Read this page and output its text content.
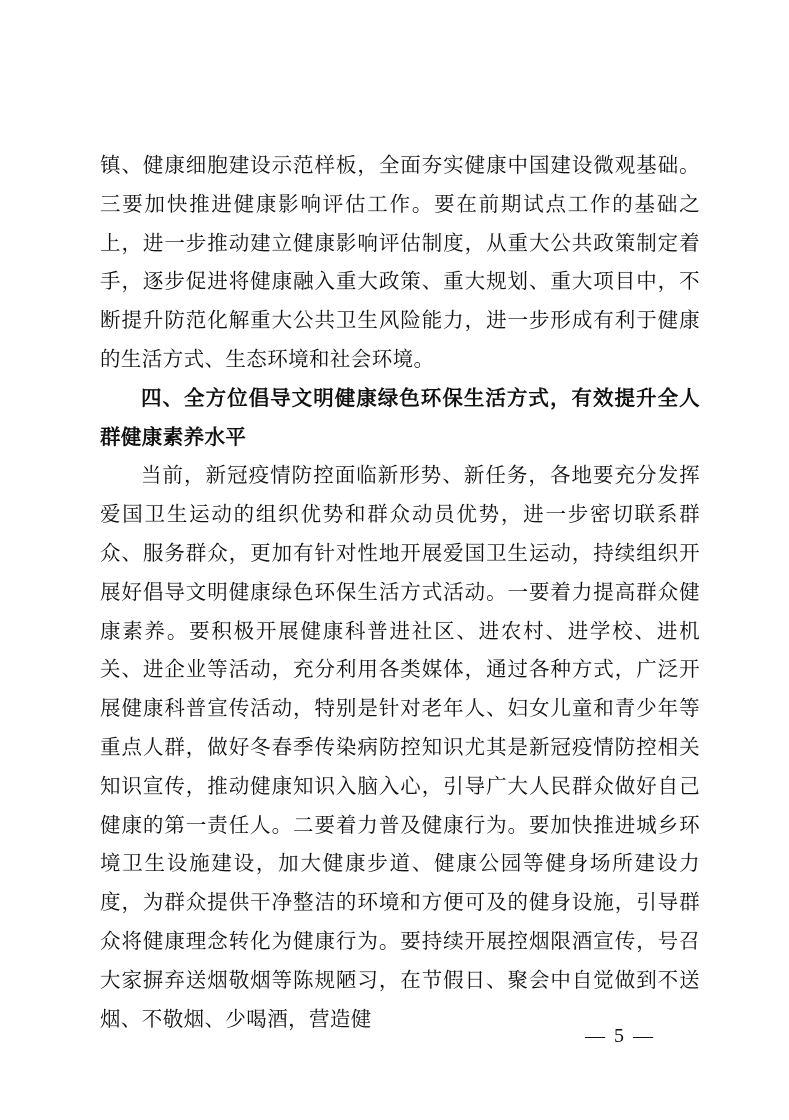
镇、健康细胞建设示范样板，全面夯实健康中国建设微观基础。三要加快推进健康影响评估工作。要在前期试点工作的基础之上，进一步推动建立健康影响评估制度，从重大公共政策制定着手，逐步促进将健康融入重大政策、重大规划、重大项目中，不断提升防范化解重大公共卫生风险能力，进一步形成有利于健康的生活方式、生态环境和社会环境。

四、全方位倡导文明健康绿色环保生活方式，有效提升全人群健康素养水平

当前，新冠疫情防控面临新形势、新任务，各地要充分发挥爱国卫生运动的组织优势和群众动员优势，进一步密切联系群众、服务群众，更加有针对性地开展爱国卫生运动，持续组织开展好倡导文明健康绿色环保生活方式活动。一要着力提高群众健康素养。要积极开展健康科普进社区、进农村、进学校、进机关、进企业等活动，充分利用各类媒体，通过各种方式，广泛开展健康科普宣传活动，特别是针对老年人、妇女儿童和青少年等重点人群，做好冬春季传染病防控知识尤其是新冠疫情防控相关知识宣传，推动健康知识入脑入心，引导广大人民群众做好自己健康的第一责任人。二要着力普及健康行为。要加快推进城乡环境卫生设施建设，加大健康步道、健康公园等健身场所建设力度，为群众提供干净整洁的环境和方便可及的健身设施，引导群众将健康理念转化为健康行为。要持续开展控烟限酒宣传，号召大家摒弃送烟敬烟等陈规陋习，在节假日、聚会中自觉做到不送烟、不敬烟、少喝酒，营造健

— 5 —
